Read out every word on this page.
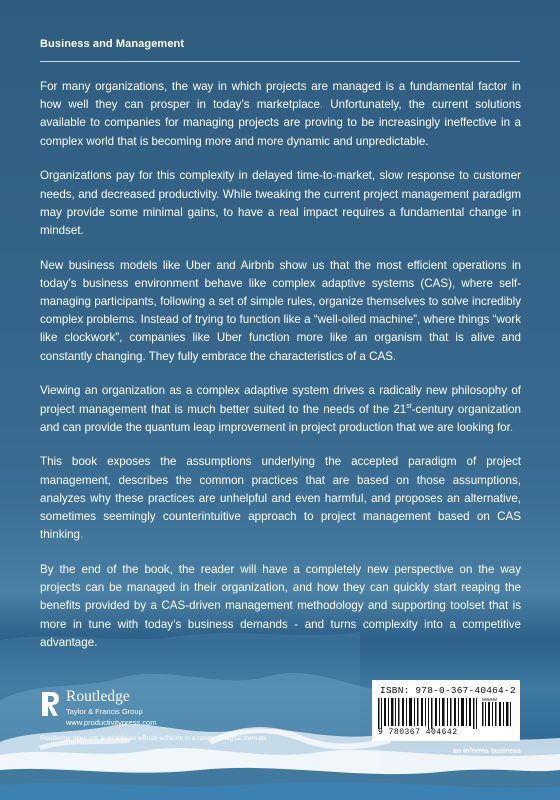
Business and Management

For many organizations, the way in which projects are managed is a fundamental factor in how well they can prosper in today’s marketplace. Unfortunately, the current solutions available to companies for managing projects are proving to be increasingly ineffective in a complex world that is becoming more and more dynamic and unpredictable.

Organizations pay for this complexity in delayed time-to-market, slow response to customer needs, and decreased productivity. While tweaking the current project management paradigm may provide some minimal gains, to have a real impact requires a fundamental change in mindset.

New business models like Uber and Airbnb show us that the most efficient operations in today’s business environment behave like complex adaptive systems (CAS), where self-managing participants, following a set of simple rules, organize themselves to solve incredibly complex problems. Instead of trying to function like a “well-oiled machine”, where things “work like clockwork”, companies like Uber function more like an organism that is alive and constantly changing. They fully embrace the characteristics of a CAS.

Viewing an organization as a complex adaptive system drives a radically new philosophy of project management that is much better suited to the needs of the 21st-century organization and can provide the quantum leap improvement in project production that we are looking for.

This book exposes the assumptions underlying the accepted paradigm of project management, describes the common practices that are based on those assumptions, analyzes why these practices are unhelpful and even harmful, and proposes an alternative, sometimes seemingly counterintuitive approach to project management based on CAS thinking.

By the end of the book, the reader will have a completely new perspective on the way projects can be managed in their organization, and how they can quickly start reaping the benefits provided by a CAS-driven management methodology and supporting toolset that is more in tune with today’s business demands - and turns complexity into a competitive advantage.

Routledge
Taylor & Francis Group
www.productivitypress.com
Routledge titles are available as eBook editions in a range of digital formats
ISBN: 978-0-367-40464-2
90000
9 780367 404642
an informa business
